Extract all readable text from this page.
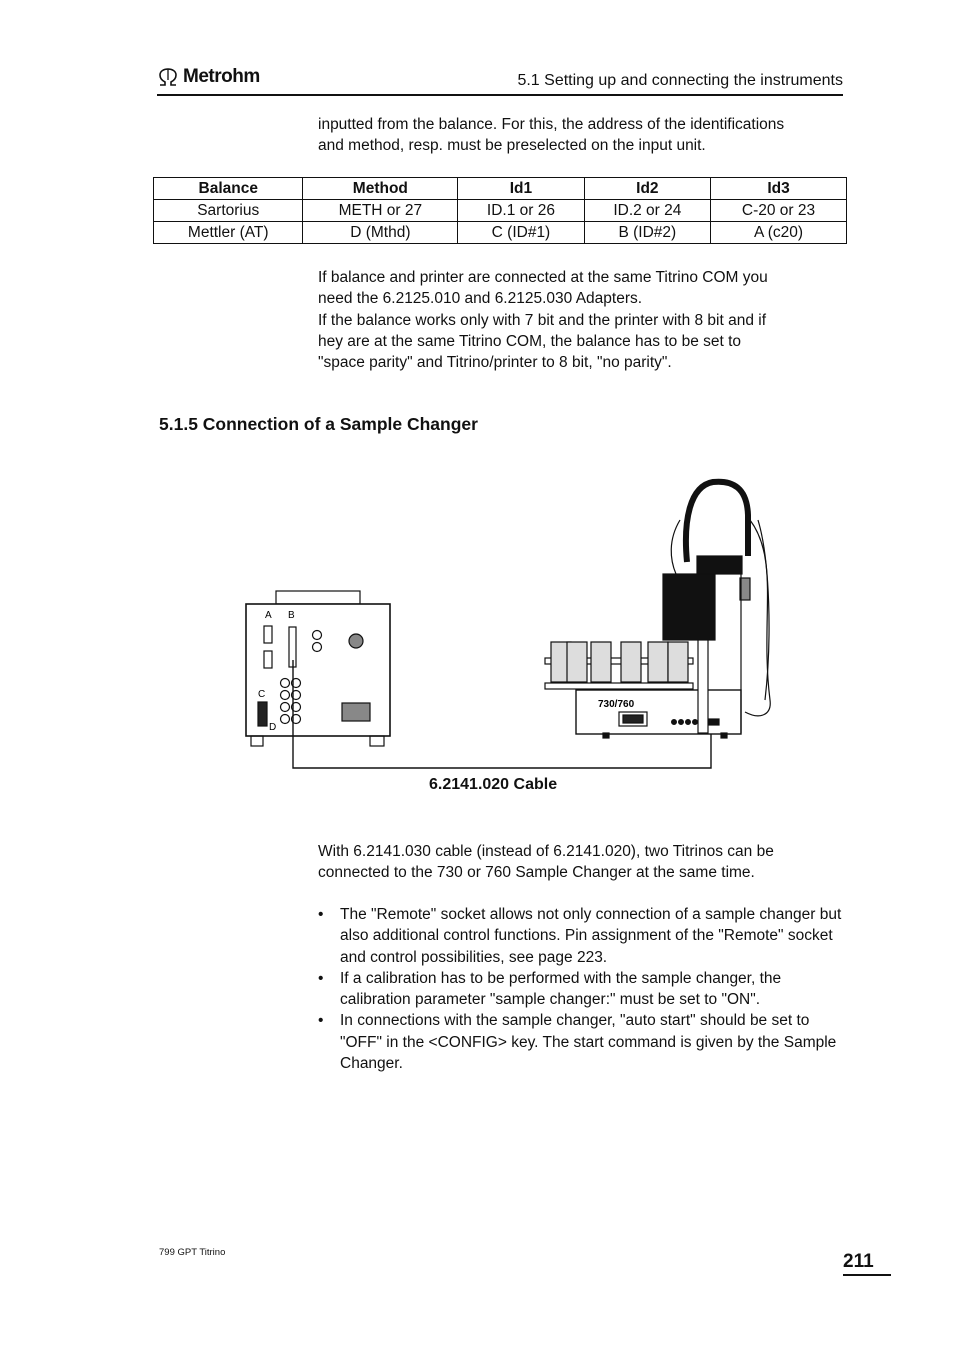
Metrohm	5.1 Setting up and connecting the instruments
inputted from the balance. For this, the address of the identifications
and method, resp. must be preselected on the input unit.
Balance	Method	Id1	Id2	Id3
Sartorius	METH or 27	ID.1 or 26	ID.2 or 24	C-20 or 23
Mettler (AT)	D (Mthd)	C (ID#1)	B (ID#2)	A (c20)
If balance and printer are connected at the same Titrino COM you
need the 6.2125.010 and 6.2125.030 Adapters.
If the balance works only with 7 bit and the printer with 8 bit and if
hey are at the same Titrino COM, the balance has to be set to
"space parity" and Titrino/printer to 8 bit, "no parity".
5.1.5 Connection of a Sample Changer
A B
C
D
730/760
6.2141.020 Cable
With 6.2141.030 cable (instead of 6.2141.020), two Titrinos can be
connected to the 730 or 760 Sample Changer at the same time.
• The "Remote" socket allows not only connection of a sample changer but also additional control functions. Pin assignment of the "Remote" socket and control possibilities, see page 223.
• If a calibration has to be performed with the sample changer, the calibration parameter "sample changer:" must be set to "ON".
• In connections with the sample changer, "auto start" should be set to "OFF" in the <CONFIG> key. The start command is given by the Sample Changer.
799 GPT Titrino	211
